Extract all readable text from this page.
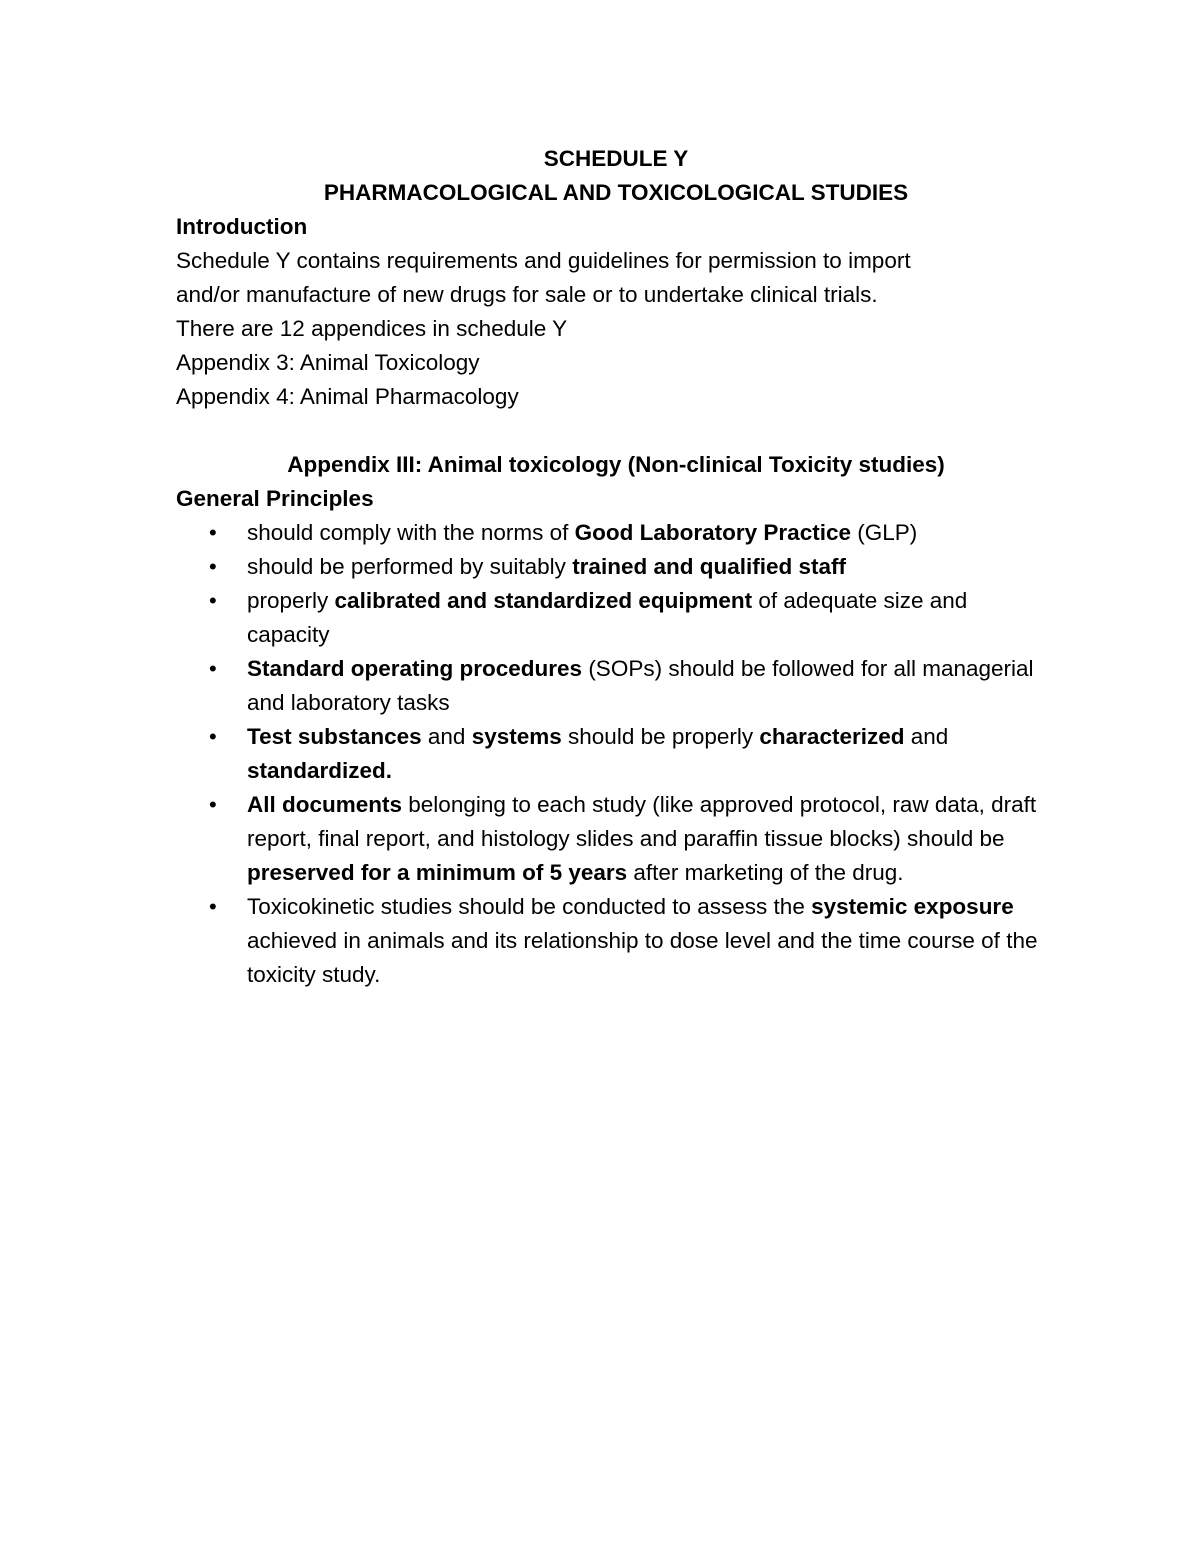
SCHEDULE Y

PHARMACOLOGICAL AND TOXICOLOGICAL STUDIES

Introduction

Schedule Y contains requirements and guidelines for permission to import

and/or manufacture of new drugs for sale or to undertake clinical trials.

There are 12 appendices in schedule Y

Appendix 3: Animal Toxicology

Appendix 4: Animal Pharmacology

Appendix III: Animal toxicology (Non-clinical Toxicity studies)

General Principles

• should comply with the norms of Good Laboratory Practice (GLP)
• should be performed by suitably trained and qualified staff
• properly calibrated and standardized equipment of adequate size and capacity
• Standard operating procedures (SOPs) should be followed for all managerial and laboratory tasks
• Test substances and systems should be properly characterized and standardized.
• All documents belonging to each study (like approved protocol, raw data, draft report, final report, and histology slides and paraffin tissue blocks) should be preserved for a minimum of 5 years after marketing of the drug.
• Toxicokinetic studies should be conducted to assess the systemic exposure achieved in animals and its relationship to dose level and the time course of the toxicity study.
